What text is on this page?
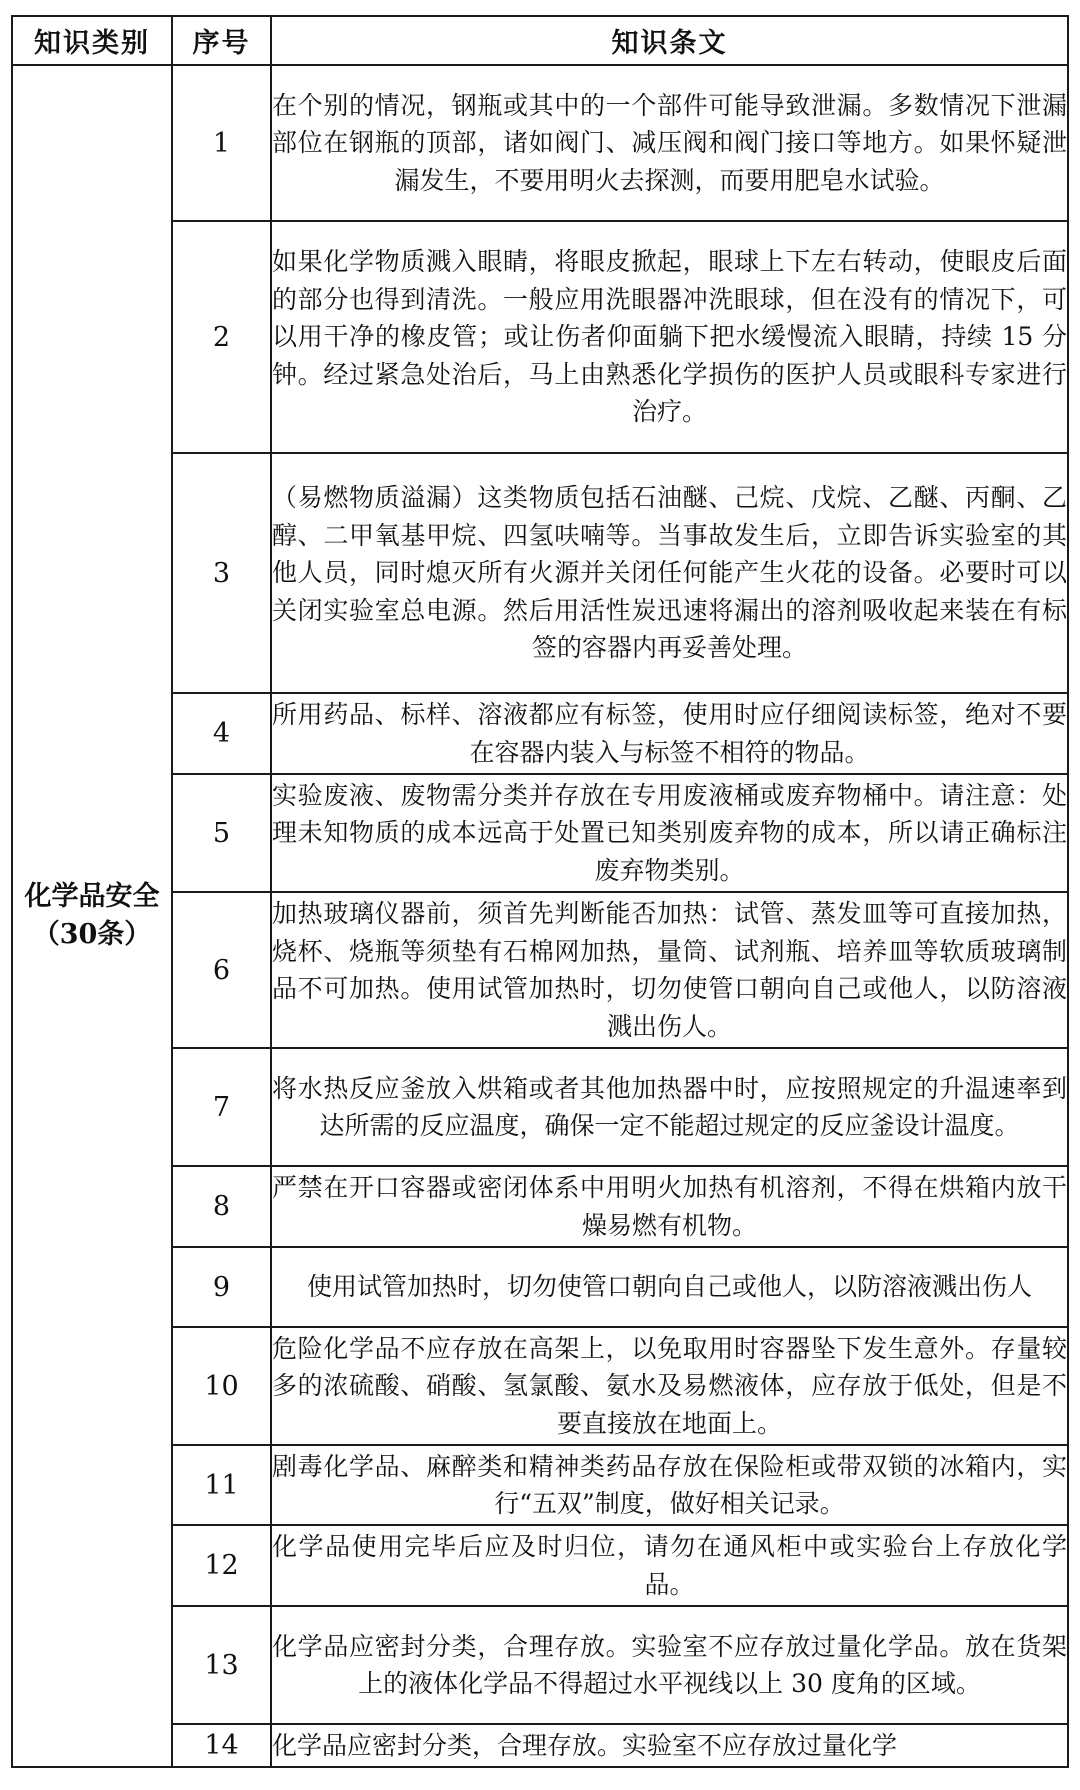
知识类别	序号	知识条文
化学品安全（30条）	1	在个别的情况，钢瓶或其中的一个部件可能导致泄漏。多数情况下泄漏部位在钢瓶的顶部，诸如阀门、减压阀和阀门接口等地方。如果怀疑泄漏发生，不要用明火去探测，而要用肥皂水试验。
	2	如果化学物质溅入眼睛，将眼皮掀起，眼球上下左右转动，使眼皮后面的部分也得到清洗。一般应用洗眼器冲洗眼球，但在没有的情况下，可以用干净的橡皮管；或让伤者仰面躺下把水缓慢流入眼睛，持续 15 分钟。经过紧急处治后，马上由熟悉化学损伤的医护人员或眼科专家进行治疗。
	3	（易燃物质溢漏）这类物质包括石油醚、己烷、戊烷、乙醚、丙酮、乙醇、二甲氧基甲烷、四氢呋喃等。当事故发生后，立即告诉实验室的其他人员，同时熄灭所有火源并关闭任何能产生火花的设备。必要时可以关闭实验室总电源。然后用活性炭迅速将漏出的溶剂吸收起来装在有标签的容器内再妥善处理。
	4	所用药品、标样、溶液都应有标签，使用时应仔细阅读标签，绝对不要在容器内装入与标签不相符的物品。
	5	实验废液、废物需分类并存放在专用废液桶或废弃物桶中。请注意：处理未知物质的成本远高于处置已知类别废弃物的成本，所以请正确标注废弃物类别。
	6	加热玻璃仪器前，须首先判断能否加热：试管、蒸发皿等可直接加热，烧杯、烧瓶等须垫有石棉网加热，量筒、试剂瓶、培养皿等软质玻璃制品不可加热。使用试管加热时，切勿使管口朝向自己或他人，以防溶液溅出伤人。
	7	将水热反应釜放入烘箱或者其他加热器中时，应按照规定的升温速率到达所需的反应温度，确保一定不能超过规定的反应釜设计温度。
	8	严禁在开口容器或密闭体系中用明火加热有机溶剂，不得在烘箱内放干燥易燃有机物。
	9	使用试管加热时，切勿使管口朝向自己或他人，以防溶液溅出伤人
	10	危险化学品不应存放在高架上，以免取用时容器坠下发生意外。存量较多的浓硫酸、硝酸、氢氯酸、氨水及易燃液体，应存放于低处，但是不要直接放在地面上。
	11	剧毒化学品、麻醉类和精神类药品存放在保险柜或带双锁的冰箱内，实行“五双”制度，做好相关记录。
	12	化学品使用完毕后应及时归位，请勿在通风柜中或实验台上存放化学品。
	13	化学品应密封分类，合理存放。实验室不应存放过量化学品。放在货架上的液体化学品不得超过水平视线以上 30 度角的区域。
	14	化学品应密封分类，合理存放。实验室不应存放过量化学
